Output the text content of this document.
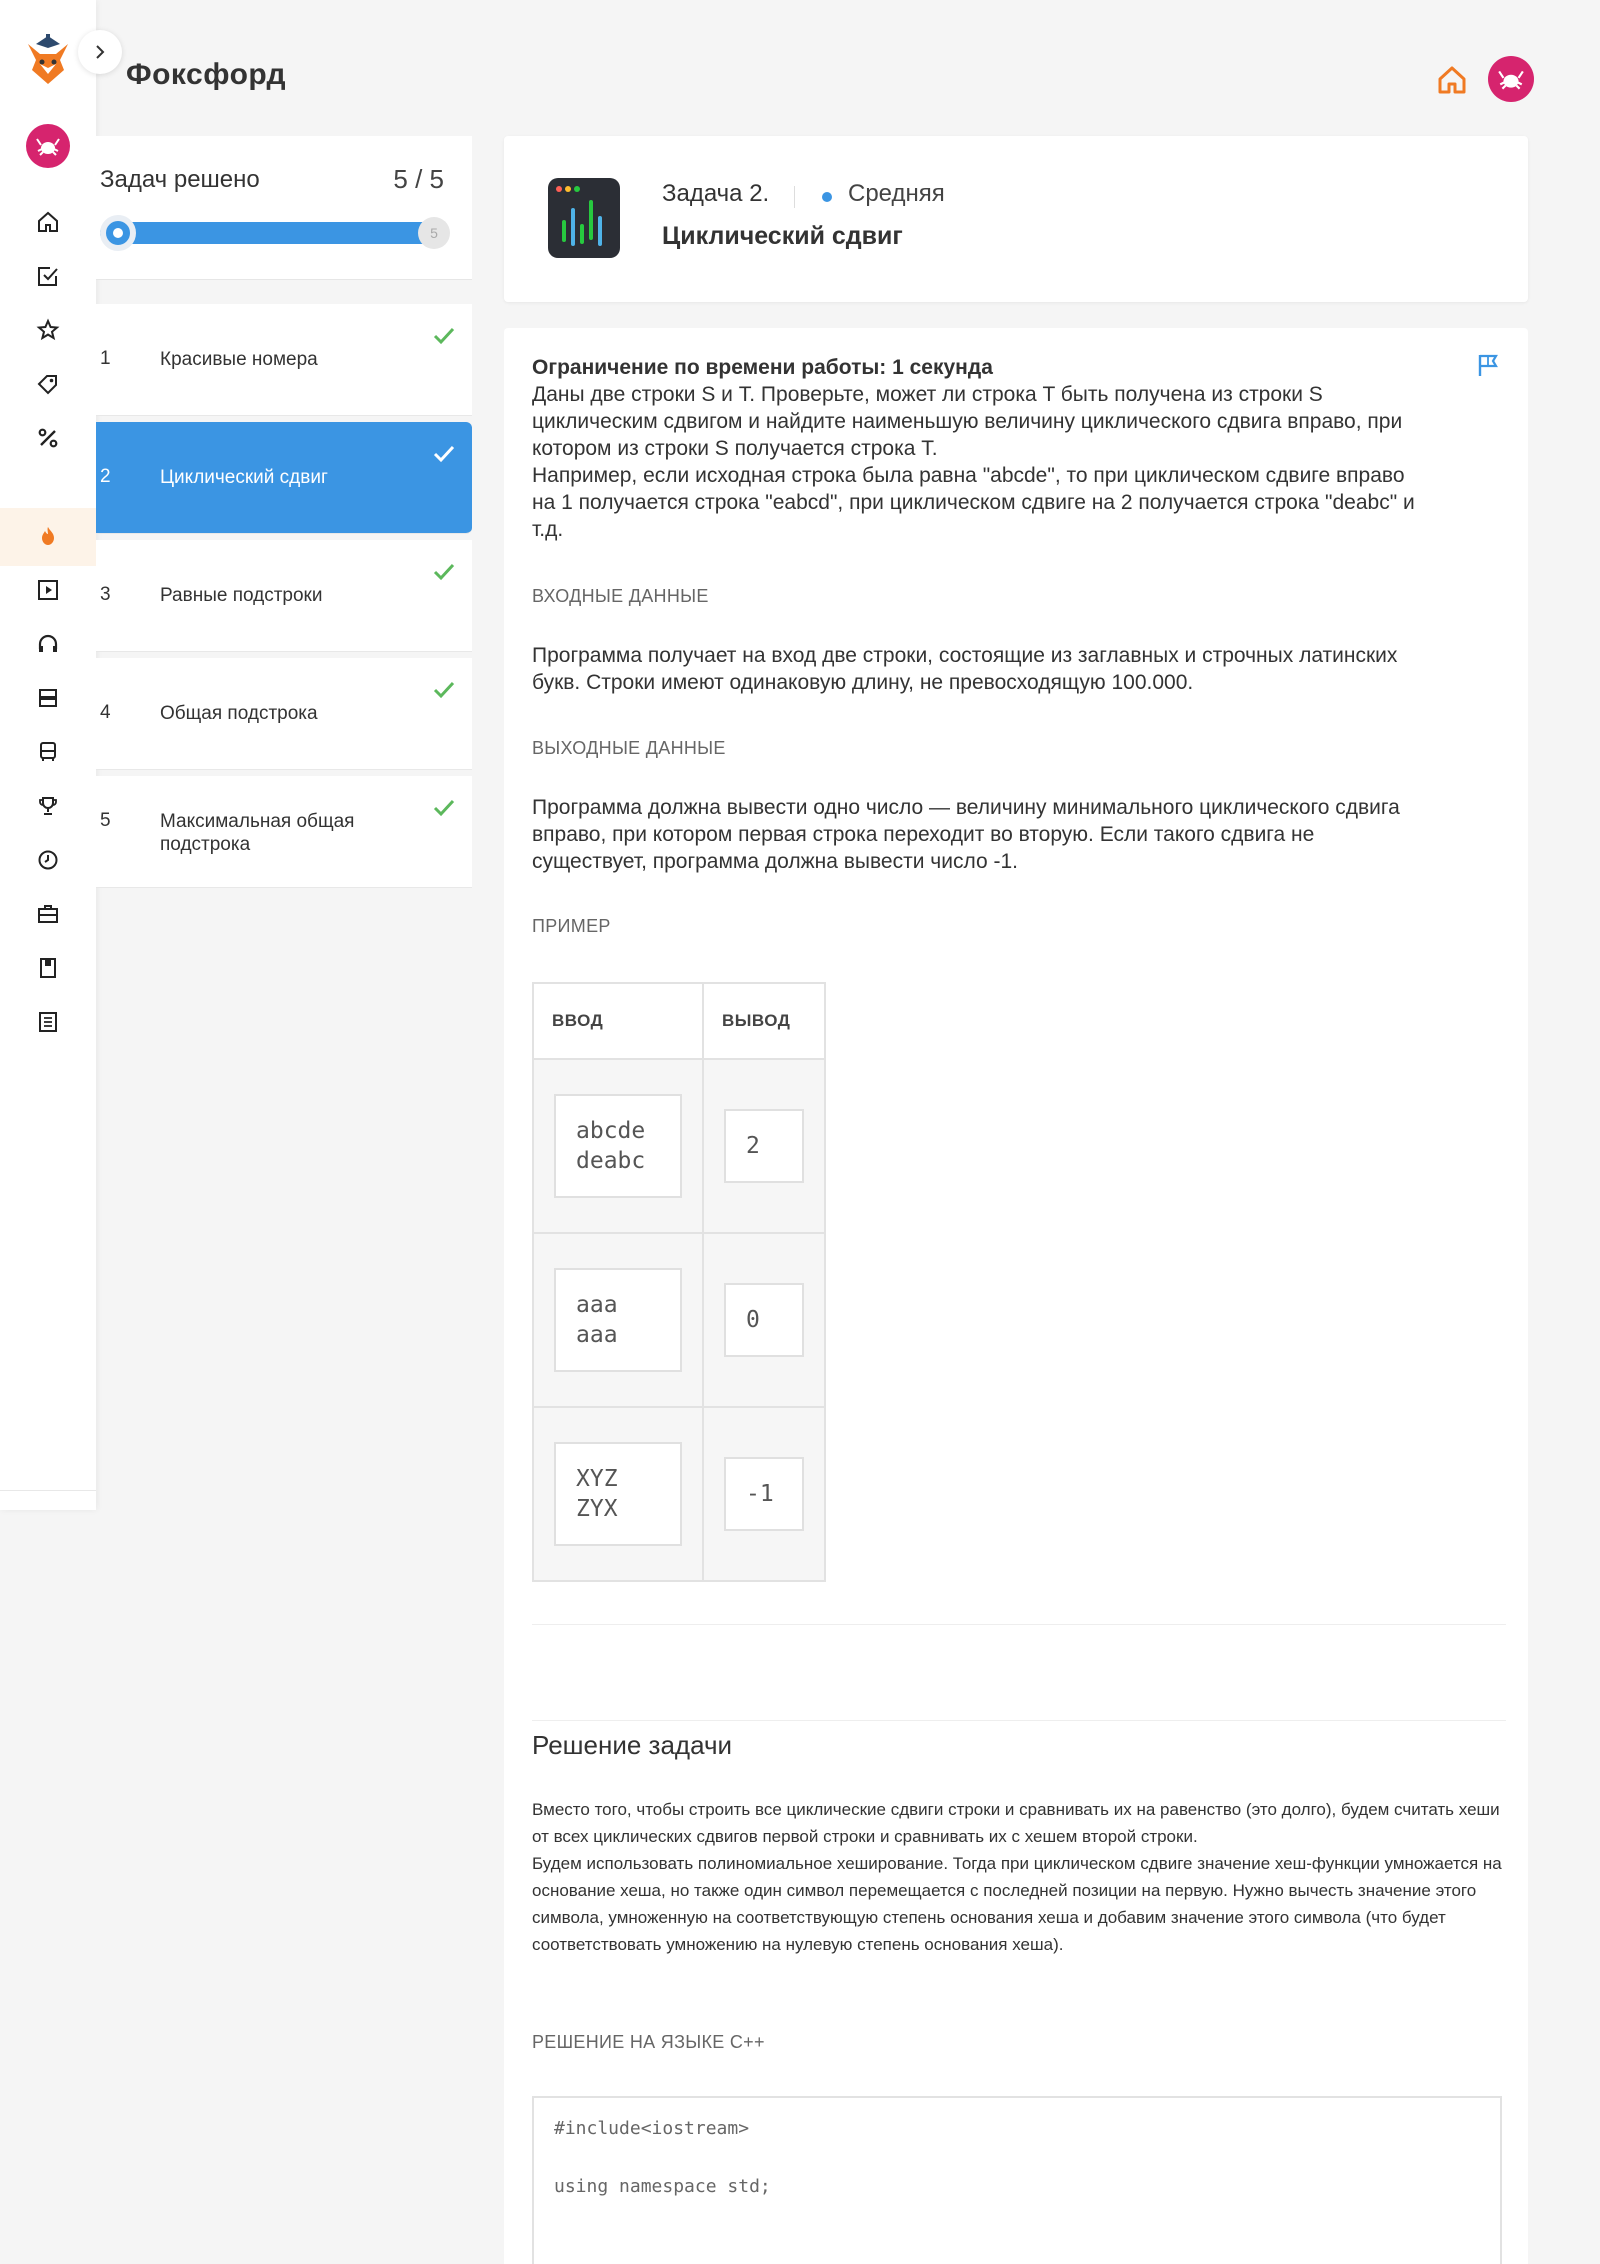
Фоксфорд
Задач решено	5 / 5
5
1	Красивые номера
2	Циклический сдвиг
3	Равные подстроки
4	Общая подстрока
5	Максимальная общая подстрока
Задача 2.	Средняя
Циклический сдвиг
Ограничение по времени работы: 1 секунда
Даны две строки S и T. Проверьте, может ли строка T быть получена из строки S циклическим сдвигом и найдите наименьшую величину циклического сдвига вправо, при котором из строки S получается строка T.
Например, если исходная строка была равна "abcde", то при циклическом сдвиге вправо на 1 получается строка "eabcd", при циклическом сдвиге на 2 получается строка "deabc" и т.д.
ВХОДНЫЕ ДАННЫЕ
Программа получает на вход две строки, состоящие из заглавных и строчных латинских букв. Строки имеют одинаковую длину, не превосходящую 100.000.
ВЫХОДНЫЕ ДАННЫЕ
Программа должна вывести одно число — величину минимального циклического сдвига вправо, при котором первая строка переходит во вторую. Если такого сдвига не существует, программа должна вывести число -1.
ПРИМЕР
ВВОД	ВЫВОД

abcde
deabc	2

aaa
aaa	0

XYZ
ZYX	-1
Решение задачи
Вместо того, чтобы строить все циклические сдвиги строки и сравнивать их на равенство (это долго), будем считать хеши от всех циклических сдвигов первой строки и сравнивать их с хешем второй строки.
Будем использовать полиномиальное хеширование. Тогда при циклическом сдвиге значение хеш-функции умножается на основание хеша, но также один символ перемещается с последней позиции на первую. Нужно вычесть значение этого символа, умноженную на соответствующую степень основания хеша и добавим значение этого символа (что будет соответствовать умножению на нулевую степень основания хеша).
РЕШЕНИЕ НА ЯЗЫКЕ С++
#include<iostream>
using namespace std;
